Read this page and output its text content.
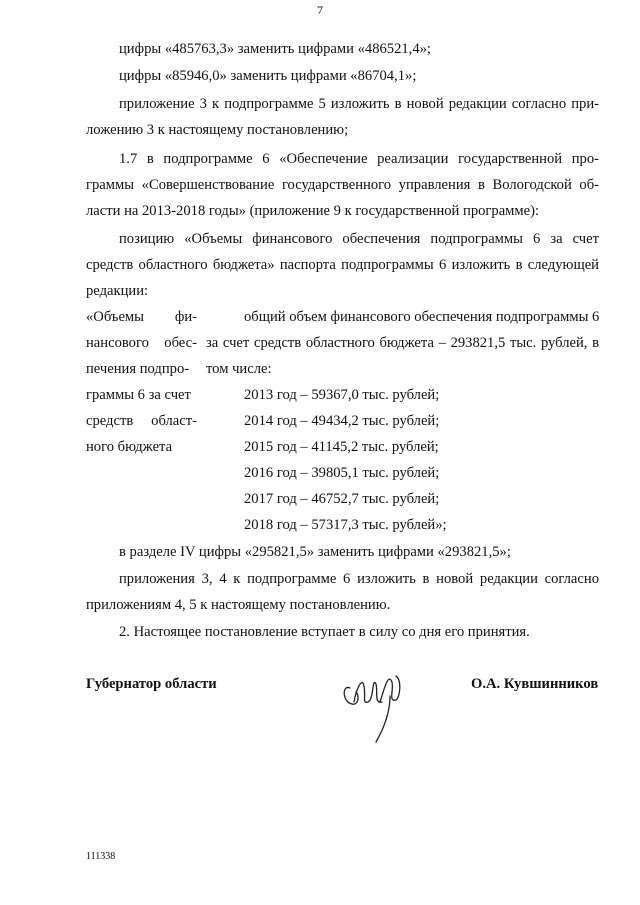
7
цифры «485763,3» заменить цифрами «486521,4»;
цифры «85946,0» заменить цифрами «86704,1»;
приложение 3 к подпрограмме 5 изложить в новой редакции согласно при-
ложению 3 к настоящему постановлению;
1.7 в подпрограмме 6 «Обеспечение реализации государственной про-
граммы «Совершенствование государственного управления в Вологодской об-
ласти на 2013-2018 годы» (приложение 9 к государственной программе):
позицию «Объемы финансового обеспечения подпрограммы 6 за счет
средств областного бюджета» паспорта подпрограммы 6 изложить в следующей
редакции:
«Объемы фи-
нансового обес-
печения подпро-
граммы 6 за счет
средств област-
ного бюджета
общий объем финансового обеспечения подпрограммы 6
за счет средств областного бюджета – 293821,5 тыс. рублей, в
том числе:
2013 год – 59367,0 тыс. рублей;
2014 год – 49434,2 тыс. рублей;
2015 год – 41145,2 тыс. рублей;
2016 год – 39805,1 тыс. рублей;
2017 год – 46752,7 тыс. рублей;
2018 год – 57317,3 тыс. рублей»;
в разделе IV цифры «295821,5» заменить цифрами «293821,5»;
приложения 3, 4 к подпрограмме 6 изложить в новой редакции согласно
приложениям 4, 5 к настоящему постановлению.
2. Настоящее постановление вступает в силу со дня его принятия.
Губернатор области	О.А. Кувшинников
111338
